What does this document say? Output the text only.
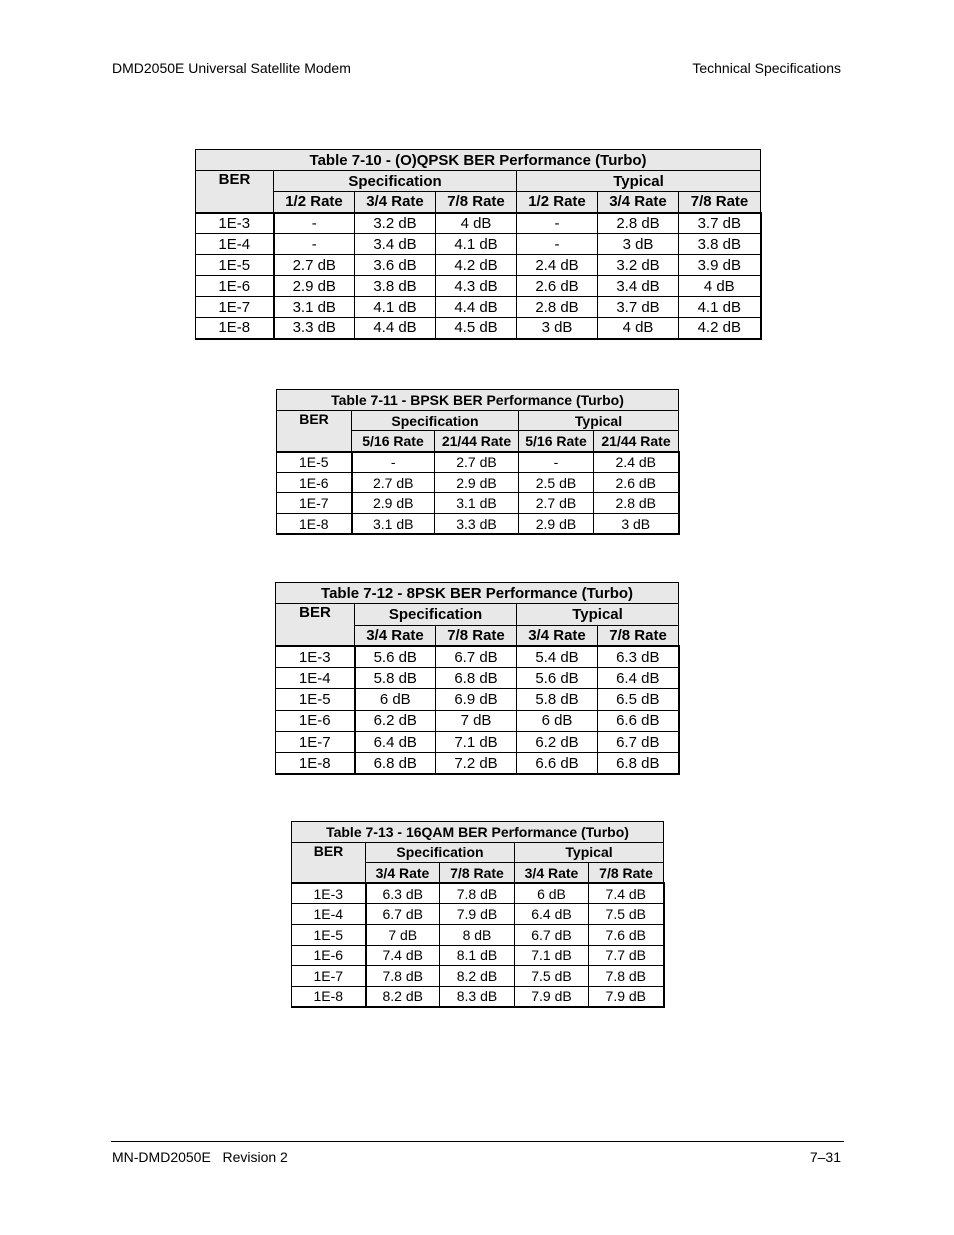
DMD2050E Universal Satellite Modem	Technical Specifications
Table 7-10 - (O)QPSK BER Performance (Turbo)						
BER	Specification			Typical		
	1/2 Rate	3/4 Rate	7/8 Rate	1/2 Rate	3/4 Rate	7/8 Rate
1E-3	-	3.2 dB	4 dB	-	2.8 dB	3.7 dB
1E-4	-	3.4 dB	4.1 dB	-	3 dB	3.8 dB
1E-5	2.7 dB	3.6 dB	4.2 dB	2.4 dB	3.2 dB	3.9 dB
1E-6	2.9 dB	3.8 dB	4.3 dB	2.6 dB	3.4 dB	4 dB
1E-7	3.1 dB	4.1 dB	4.4 dB	2.8 dB	3.7 dB	4.1 dB
1E-8	3.3 dB	4.4 dB	4.5 dB	3 dB	4 dB	4.2 dB
Table 7-11 - BPSK BER Performance (Turbo)				
BER	Specification		Typical	
	5/16 Rate	21/44 Rate	5/16 Rate	21/44 Rate
1E-5	-	2.7 dB	-	2.4 dB
1E-6	2.7 dB	2.9 dB	2.5 dB	2.6 dB
1E-7	2.9 dB	3.1 dB	2.7 dB	2.8 dB
1E-8	3.1 dB	3.3 dB	2.9 dB	3 dB
Table 7-12 - 8PSK BER Performance (Turbo)				
BER	Specification		Typical	
	3/4 Rate	7/8 Rate	3/4 Rate	7/8 Rate
1E-3	5.6 dB	6.7 dB	5.4 dB	6.3 dB
1E-4	5.8 dB	6.8 dB	5.6 dB	6.4 dB
1E-5	6 dB	6.9 dB	5.8 dB	6.5 dB
1E-6	6.2 dB	7 dB	6 dB	6.6 dB
1E-7	6.4 dB	7.1 dB	6.2 dB	6.7 dB
1E-8	6.8 dB	7.2 dB	6.6 dB	6.8 dB
Table 7-13 - 16QAM BER Performance (Turbo)				
BER	Specification		Typical	
	3/4 Rate	7/8 Rate	3/4 Rate	7/8 Rate
1E-3	6.3 dB	7.8 dB	6 dB	7.4 dB
1E-4	6.7 dB	7.9 dB	6.4 dB	7.5 dB
1E-5	7 dB	8 dB	6.7 dB	7.6 dB
1E-6	7.4 dB	8.1 dB	7.1 dB	7.7 dB
1E-7	7.8 dB	8.2 dB	7.5 dB	7.8 dB
1E-8	8.2 dB	8.3 dB	7.9 dB	7.9 dB
MN-DMD2050E   Revision 2	7–31
